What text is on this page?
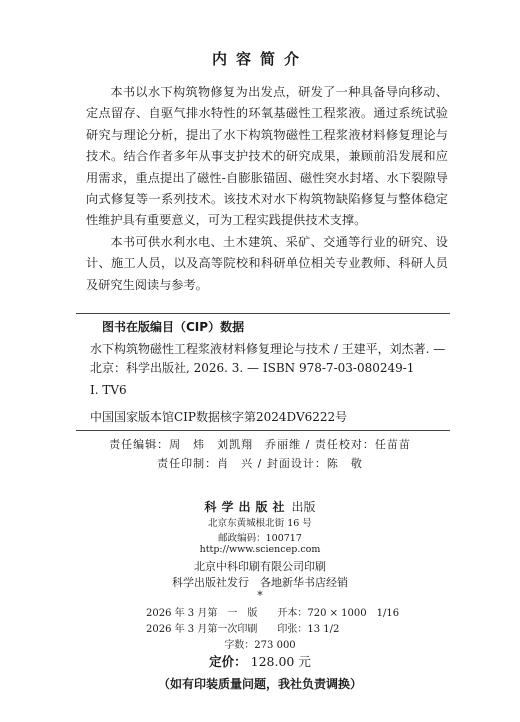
内容简介

本书以水下构筑物修复为出发点，研发了一种具备导向移动、定点留存、自驱气排水特性的环氧基磁性工程浆液。通过系统试验研究与理论分析，提出了水下构筑物磁性工程浆液材料修复理论与技术。结合作者多年从事支护技术的研究成果，兼顾前沿发展和应用需求，重点提出了磁性-自膨胀锚固、磁性突水封堵、水下裂隙导向式修复等一系列技术。该技术对水下构筑物缺陷修复与整体稳定性维护具有重要意义，可为工程实践提供技术支撑。

本书可供水利水电、土木建筑、采矿、交通等行业的研究、设计、施工人员，以及高等院校和科研单位相关专业教师、科研人员及研究生阅读与参考。

图书在版编目（CIP）数据
水下构筑物磁性工程浆液材料修复理论与技术 / 王建平，刘杰著. —
北京：科学出版社, 2026. 3. — ISBN 978-7-03-080249-1
Ⅰ. TV6
中国国家版本馆CIP数据核字第2024DV6222号
责任编辑：周　炜　刘凯翔　乔丽维 / 责任校对：任苗苗
责任印制：肖　兴 / 封面设计：陈　敬
科学出版社 出版
北京东黄城根北街 16 号
邮政编码：100717
http://www.sciencep.com
北京中科印刷有限公司印刷
科学出版社发行　各地新华书店经销
*
2026 年 3 月第　一　版 开本：720 × 1000　1/16
2026 年 3 月第一次印刷 印张：13 1/2
字数：273 000
定价： 128.00 元
（如有印装质量问题，我社负责调换）
